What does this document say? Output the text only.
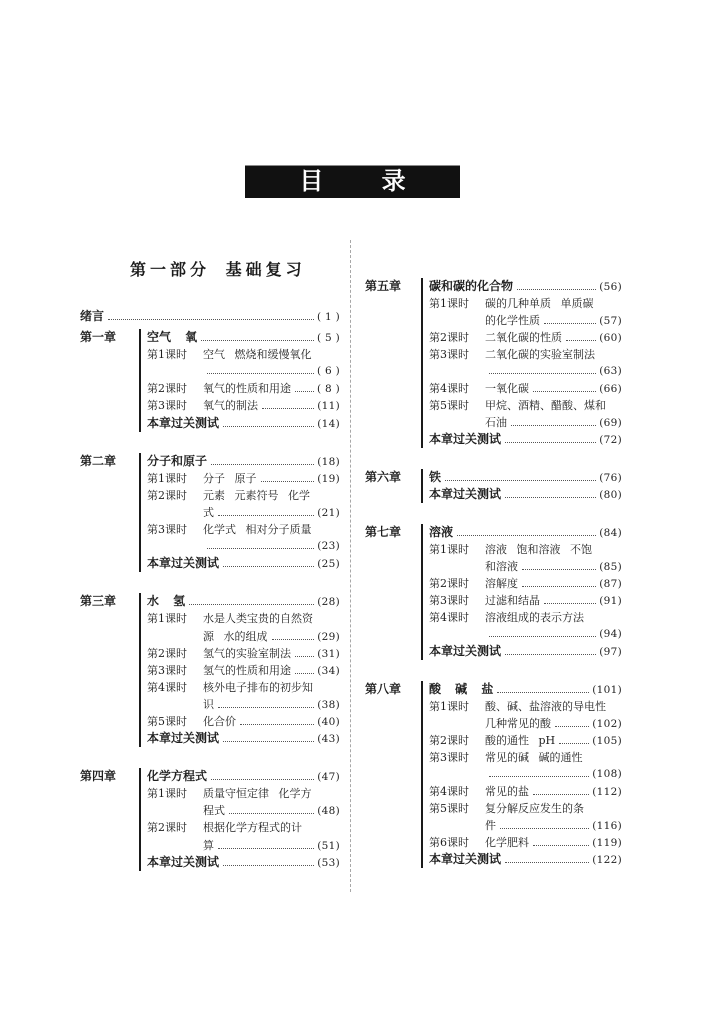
目 录
第一部分 基础复习
绪言	( 1 )
第一章	空气 氧	( 5 )
第1课时	空气 燃烧和缓慢氧化
( 6 )
第2课时	氧气的性质和用途 ( 8 )
第3课时	氧气的制法	(11)
本章过关测试	(14)
第二章	分子和原子	(18)
第1课时	分子 原子	(19)
第2课时	元素 元素符号 化学
式	(21)
第3课时	化学式 相对分子质量
(23)
本章过关测试	(25)
第三章	水 氢	(28)
第1课时	水是人类宝贵的自然资
源 水的组成	(29)
第2课时	氢气的实验室制法 (31)
第3课时	氢气的性质和用途 (34)
第4课时	核外电子排布的初步知
识	(38)
第5课时	化合价	(40)
本章过关测试	(43)
第四章	化学方程式	(47)
第1课时	质量守恒定律 化学方
程式	(48)
第2课时	根据化学方程式的计
算	(51)
本章过关测试	(53)
第五章	碳和碳的化合物	(56)
第1课时	碳的几种单质 单质碳
的化学性质	(57)
第2课时	二氧化碳的性质	(60)
第3课时	二氧化碳的实验室制法
(63)
第4课时	一氧化碳	(66)
第5课时	甲烷、酒精、醋酸、煤和
石油	(69)
本章过关测试	(72)
第六章	铁	(76)
本章过关测试	(80)
第七章	溶液	(84)
第1课时	溶液 饱和溶液 不饱
和溶液	(85)
第2课时	溶解度	(87)
第3课时	过滤和结晶	(91)
第4课时	溶液组成的表示方法
(94)
本章过关测试	(97)
第八章	酸 碱 盐	(101)
第1课时	酸、碱、盐溶液的导电性
几种常见的酸	(102)
第2课时	酸的通性 pH	(105)
第3课时	常见的碱 碱的通性
(108)
第4课时	常见的盐	(112)
第5课时	复分解反应发生的条
件	(116)
第6课时	化学肥料	(119)
本章过关测试	(122)
